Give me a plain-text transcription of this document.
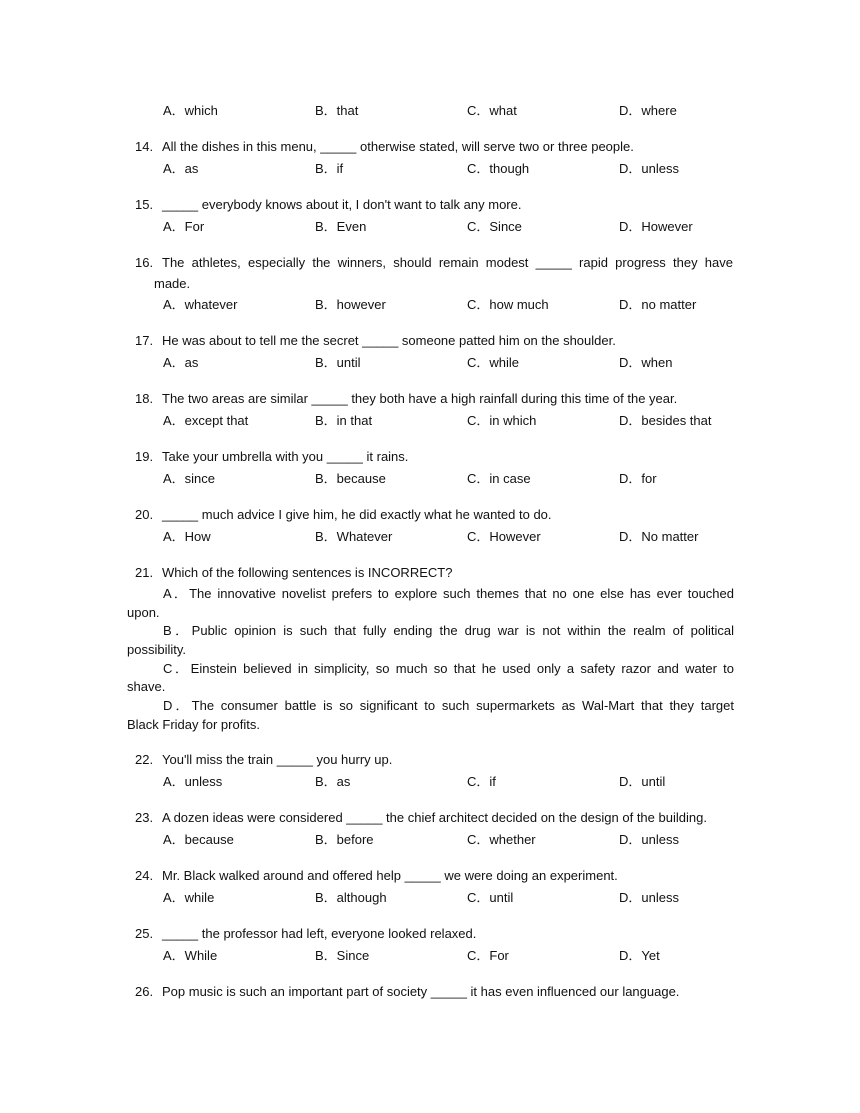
A．which	B．that	C．what	D．where
14. All the dishes in this menu, _____ otherwise stated, will serve two or three people.
A．as	B．if	C．though	D．unless
15. _____ everybody knows about it, I don't want to talk any more.
A．For	B．Even	C．Since	D．However
16. The athletes, especially the winners, should remain modest _____ rapid progress they have
made.
A．whatever	B．however	C．how much	D．no matter
17. He was about to tell me the secret _____ someone patted him on the shoulder.
A．as	B．until	C．while	D．when
18. The two areas are similar _____ they both have a high rainfall during this time of the year.
A．except that	B．in that	C．in which	D．besides that
19. Take your umbrella with you _____ it rains.
A．since	B．because	C．in case	D．for
20. _____ much advice I give him, he did exactly what he wanted to do.
A．How	B．Whatever	C．However	D．No matter
21. Which of the following sentences is INCORRECT?
A．The innovative novelist prefers to explore such themes that no one else has ever touched
upon.
B．Public opinion is such that fully ending the drug war is not within the realm of political
possibility.
C．Einstein believed in simplicity, so much so that he used only a safety razor and water to
shave.
D．The consumer battle is so significant to such supermarkets as Wal-Mart that they target
Black Friday for profits.
22. You'll miss the train _____ you hurry up.
A．unless	B．as	C．if	D．until
23. A dozen ideas were considered _____ the chief architect decided on the design of the building.
A．because	B．before	C．whether	D．unless
24. Mr. Black walked around and offered help _____ we were doing an experiment.
A．while	B．although	C．until	D．unless
25. _____ the professor had left, everyone looked relaxed.
A．While	B．Since	C．For	D．Yet
26. Pop music is such an important part of society _____ it has even influenced our language.
